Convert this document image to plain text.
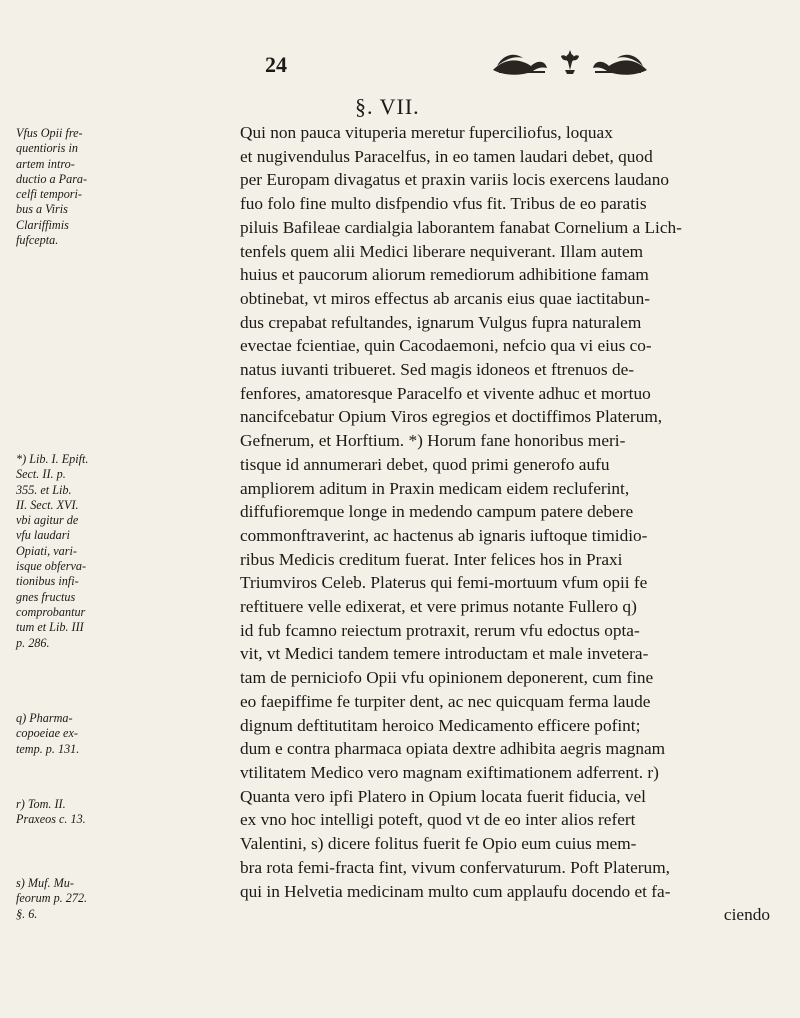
24
§. VII.
Qui non pauca vituperia meretur fuperciliofus, loquax
et nugivendulus Paracelfus, in eo tamen laudari debet, quod
per Europam divagatus et praxin variis locis exercens laudano
fuo folo fine multo disfpendio vfus fit. Tribus de eo paratis
piluis Bafileae cardialgia laborantem fanabat Cornelium a Lich-
tenfels quem alii Medici liberare nequiverant. Illam autem
huius et paucorum aliorum remediorum adhibitione famam
obtinebat, vt miros effectus ab arcanis eius quae iactitabun-
dus crepabat refultandes, ignarum Vulgus fupra naturalem
evectae fcientiae, quin Cacodaemoni, nefcio qua vi eius co-
natus iuvanti tribueret. Sed magis idoneos et ftrenuos de-
fenfores, amatoresque Paracelfo et vivente adhuc et mortuo
nancifcebatur Opium Viros egregios et doctiffimos Platerum,
Gefnerum, et Horftium. *) Horum fane honoribus meri-
tisque id annumerari debet, quod primi generofo aufu
ampliorem aditum in Praxin medicam eidem recluferint,
diffufioremque longe in medendo campum patere debere
commonftraverint, ac hactenus ab ignaris iuftoque timidio-
ribus Medicis creditum fuerat. Inter felices hos in Praxi
Triumviros Celeb. Platerus qui femi-mortuum vfum opii fe
reftituere velle edixerat, et vere primus notante Fullero q)
id fub fcamno reiectum protraxit, rerum vfu edoctus opta-
vit, vt Medici tandem temere introductam et male invetera-
tam de perniciofo Opii vfu opinionem deponerent, cum fine
eo faepiffime fe turpiter dent, ac nec quicquam ferma laude
dignum deftitutitam heroico Medicamento efficere pofint;
dum e contra pharmaca opiata dextre adhibita aegris magnam
vtilitatem Medico vero magnam exiftimationem adferrent. r)
Quanta vero ipfi Platero in Opium locata fuerit fiducia, vel
ex vno hoc intelligi poteft, quod vt de eo inter alios refert
Valentini, s) dicere folitus fuerit fe Opio eum cuius mem-
bra rota femi-fracta fint, vivum confervaturum. Poft Platerum,
qui in Helvetia medicinam multo cum applaufu docendo et fa-
ciendo
Vfus Opii fre-
quentioris in
artem intro-
ductio a Para-
celfi tempori-
bus a Viris
Clariffimis
fufcepta.
*) Lib. I. Epift.
Sect. II. p.
355. et Lib.
II. Sect. XVI.
vbi agitur de
vfu laudari
Opiati, vari-
isque obferva-
tionibus infi-
gnes fructus
comprobantur
tum et Lib. III
p. 286.
q) Pharma-
copoeiae ex-
temp. p. 131.
r) Tom. II.
Praxeos c. 13.
s) Muf. Mu-
feorum p. 272.
§. 6.
